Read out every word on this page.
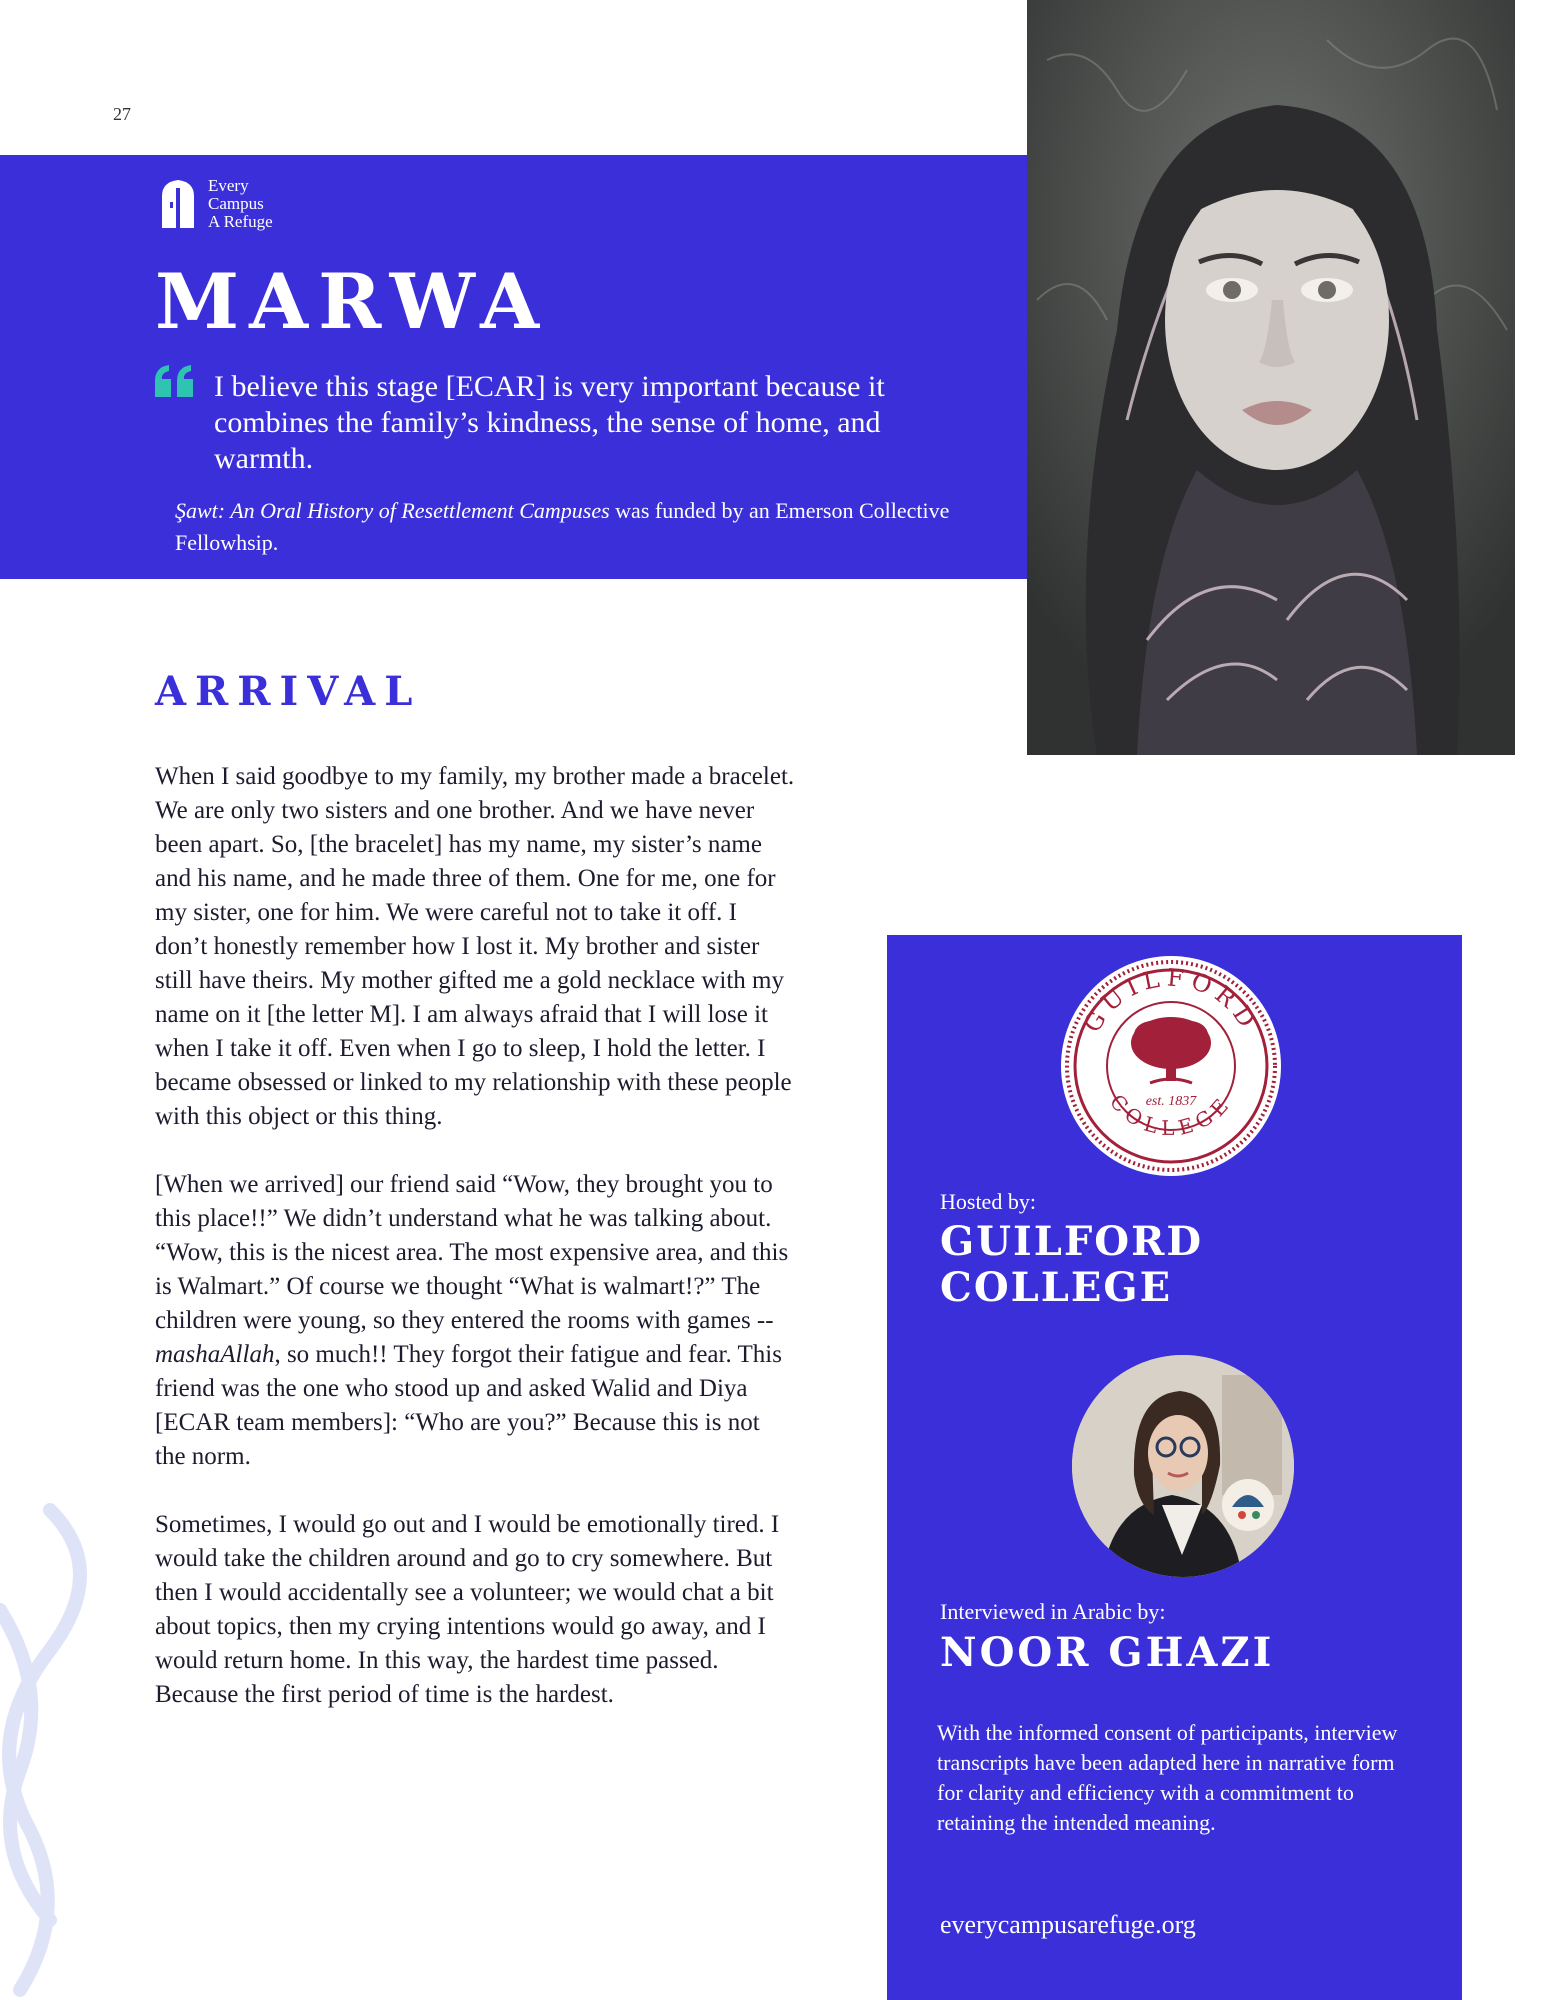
27
Every
Campus
A Refuge
MARWA
I believe this stage [ECAR] is very important because it combines the family’s kindness, the sense of home, and warmth.
Şawt: An Oral History of Resettlement Campuses was funded by an Emerson Collective Fellowhsip.
ARRIVAL

When I said goodbye to my family, my brother made a bracelet. We are only two sisters and one brother. And we have never been apart. So, [the bracelet] has my name, my sister’s name and his name, and he made three of them. One for me, one for my sister, one for him. We were careful not to take it off. I don’t honestly remember how I lost it. My brother and sister still have theirs. My mother gifted me a gold necklace with my name on it [the letter M]. I am always afraid that I will lose it when I take it off. Even when I go to sleep, I hold the letter. I became obsessed or linked to my relationship with these people with this object or this thing.

[When we arrived] our friend said “Wow, they brought you to this place!!” We didn’t understand what he was talking about. “Wow, this is the nicest area. The most expensive area, and this is Walmart.” Of course we thought “What is walmart!?” The children were young, so they entered the rooms with games -- mashaAllah, so much!! They forgot their fatigue and fear. This friend was the one who stood up and asked Walid and Diya [ECAR team members]: “Who are you?” Because this is not the norm.

Sometimes, I would go out and I would be emotionally tired. I would take the children around and go to cry somewhere. But then I would accidentally see a volunteer; we would chat a bit about topics, then my crying intentions would go away, and I would return home. In this way, the hardest time passed. Because the first period of time is the hardest.

GUILFORD
COLLEGE
est. 1837
Hosted by:
GUILFORD COLLEGE
Interviewed in Arabic by:
NOOR GHAZI
With the informed consent of participants, interview transcripts have been adapted here in narrative form for clarity and efficiency with a commitment to retaining the intended meaning.
everycampusarefuge.org
